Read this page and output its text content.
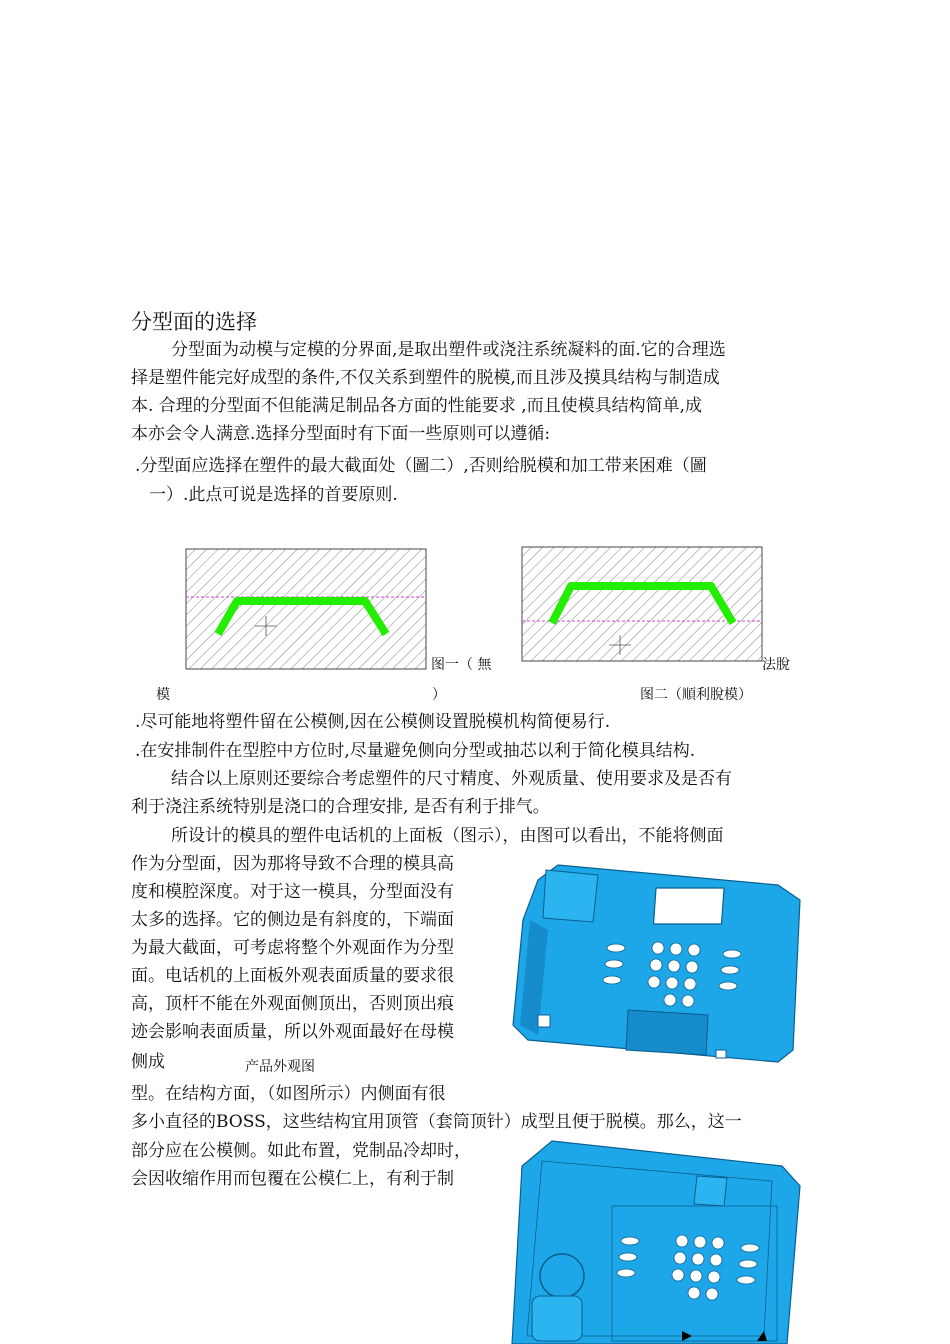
分型面的选择
分型面为动模与定模的分界面,是取出塑件或浇注系统凝料的面.它的合理选
择是塑件能完好成型的条件,不仅关系到塑件的脱模,而且涉及摸具结构与制造成
本. 合理的分型面不但能满足制品各方面的性能要求 ,而且使模具结构简单,成
本亦会令人满意.选择分型面时有下面一些原则可以遵循:
.分型面应选择在塑件的最大截面处（圖二）,否则给脱模和加工带来困难（圖
一）.此点可说是选择的首要原则.
图一（ 無	法脫
模	）	图二（順利脫模）
.尽可能地将塑件留在公模侧,因在公模侧设置脱模机构简便易行.
.在安排制件在型腔中方位时,尽量避免侧向分型或抽芯以利于简化模具结构.
结合以上原则还要综合考虑塑件的尺寸精度、外观质量、使用要求及是否有
利于浇注系统特别是浇口的合理安排, 是否有利于排气。
所设计的模具的塑件电话机的上面板（图示），由图可以看出，不能将侧面
作为分型面，因为那将导致不合理的模具高
度和模腔深度。对于这一模具，分型面没有
太多的选择。它的侧边是有斜度的，下端面
为最大截面，可考虑将整个外观面作为分型
面。电话机的上面板外观表面质量的要求很
高，顶杆不能在外观面侧顶出，否则顶出痕
迹会影响表面质量，所以外观面最好在母模
侧成	产品外观图
型。在结构方面，（如图所示）内侧面有很
多小直径的BOSS，这些结构宜用顶管（套筒顶针）成型且便于脱模。那么，这一
部分应在公模侧。如此布置，党制品冷却时，
会因收缩作用而包覆在公模仁上，有利于制
